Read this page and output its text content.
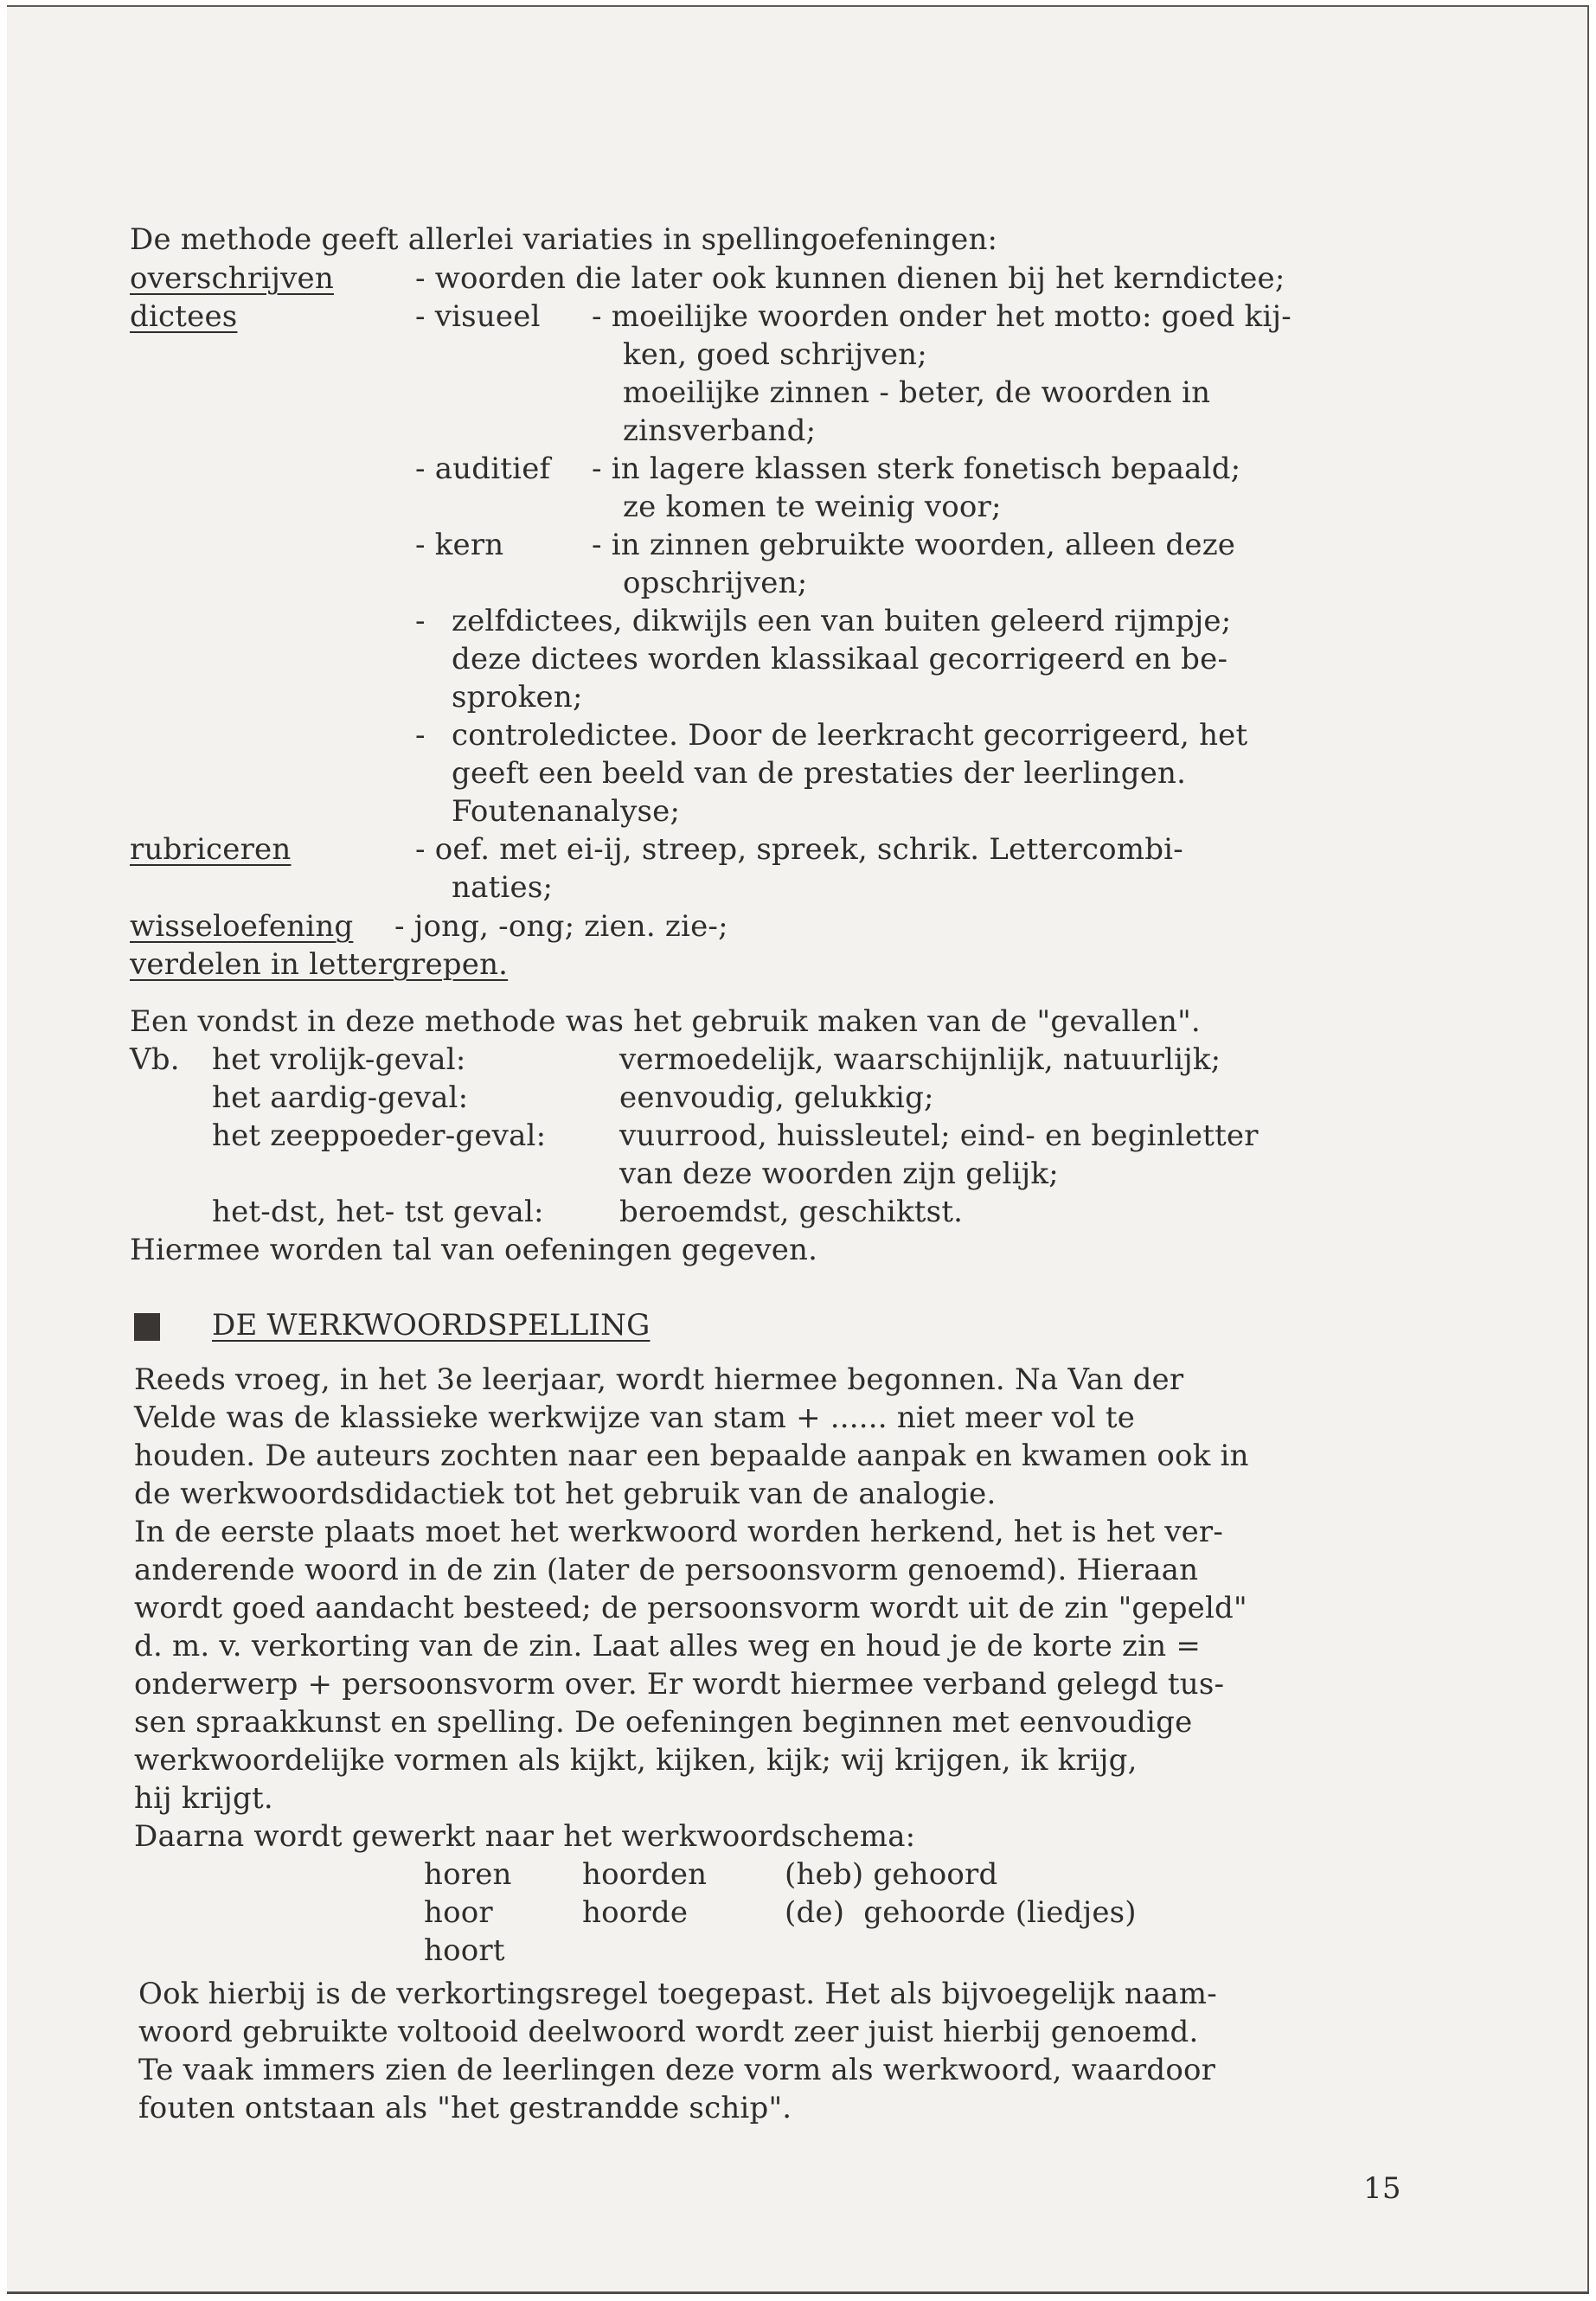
De methode geeft allerlei variaties in spellingoefeningen:
overschrijven	- woorden die later ook kunnen dienen bij het kerndictee;
dictees	- visueel - moeilijke woorden onder het motto: goed kij-
ken, goed schrijven;
moeilijke zinnen - beter, de woorden in
zinsverband;
- auditief - in lagere klassen sterk fonetisch bepaald;
ze komen te weinig voor;
- kern	- in zinnen gebruikte woorden, alleen deze
opschrijven;
- zelfdictees, dikwijls een van buiten geleerd rijmpje;
deze dictees worden klassikaal gecorrigeerd en be-
sproken;
- controledictee. Door de leerkracht gecorrigeerd, het
geeft een beeld van de prestaties der leerlingen.
Foutenanalyse;
rubriceren	- oef. met ei-ij, streep, spreek, schrik. Lettercombi-
naties;
wisseloefening - jong, -ong; zien. zie-;
verdelen in lettergrepen.
Een vondst in deze methode was het gebruik maken van de "gevallen".
Vb. het vrolijk-geval:	vermoedelijk, waarschijnlijk, natuurlijk;
het aardig-geval:	eenvoudig, gelukkig;
het zeeppoeder-geval: vuurrood, huissleutel; eind- en beginletter
van deze woorden zijn gelijk;
het-dst, het- tst geval:	beroemdst, geschiktst.
Hiermee worden tal van oefeningen gegeven.
DE WERKWOORDSPELLING
Reeds vroeg, in het 3e leerjaar, wordt hiermee begonnen. Na Van der
Velde was de klassieke werkwijze van stam + ...... niet meer vol te
houden. De auteurs zochten naar een bepaalde aanpak en kwamen ook in
de werkwoordsdidactiek tot het gebruik van de analogie.
In de eerste plaats moet het werkwoord worden herkend, het is het ver-
anderende woord in de zin (later de persoonsvorm genoemd). Hieraan
wordt goed aandacht besteed; de persoonsvorm wordt uit de zin "gepeld"
d. m. v. verkorting van de zin. Laat alles weg en houd je de korte zin =
onderwerp + persoonsvorm over. Er wordt hiermee verband gelegd tus-
sen spraakkunst en spelling. De oefeningen beginnen met eenvoudige
werkwoordelijke vormen als kijkt, kijken, kijk; wij krijgen, ik krijg,
hij krijgt.
Daarna wordt gewerkt naar het werkwoordschema:
horen hoorden	(heb) gehoord
hoor	hoorde	(de)  gehoorde (liedjes)
hoort
Ook hierbij is de verkortingsregel toegepast. Het als bijvoegelijk naam-
woord gebruikte voltooid deelwoord wordt zeer juist hierbij genoemd.
Te vaak immers zien de leerlingen deze vorm als werkwoord, waardoor
fouten ontstaan als "het gestrandde schip".
15
